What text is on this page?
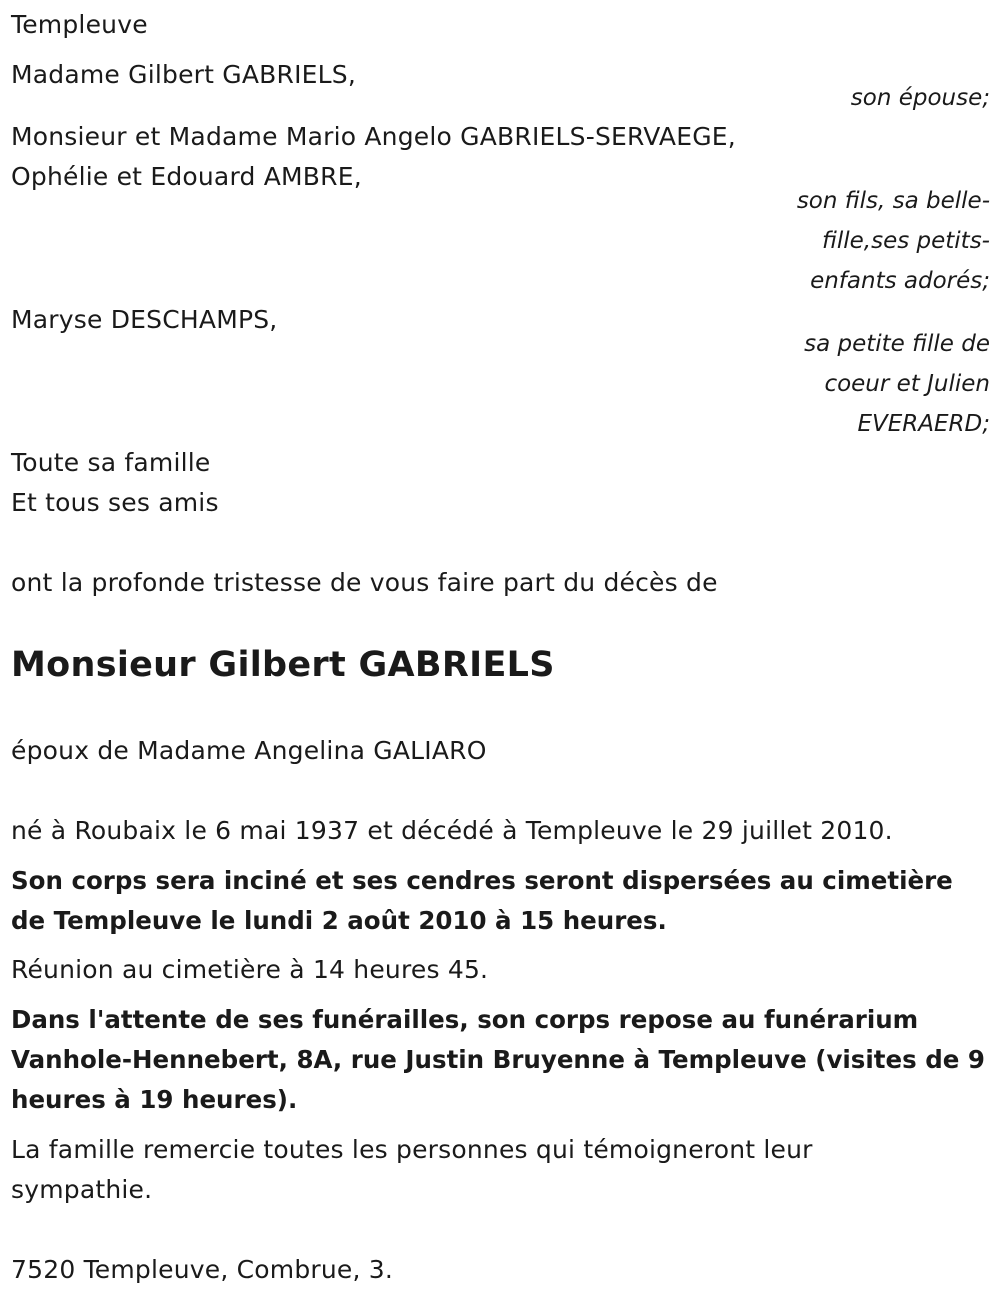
Templeuve
Madame Gilbert GABRIELS,
son épouse;
Monsieur et Madame Mario Angelo GABRIELS-SERVAEGE,
Ophélie et Edouard AMBRE,
son fils, sa belle-
fille,ses petits-
enfants adorés;
Maryse DESCHAMPS,
sa petite fille de
coeur et Julien
EVERAERD;
Toute sa famille
Et tous ses amis
ont la profonde tristesse de vous faire part du décès de
Monsieur Gilbert GABRIELS
époux de Madame Angelina GALIARO
né à Roubaix le 6 mai 1937 et décédé à Templeuve le 29 juillet 2010.
Son corps sera inciné et ses cendres seront dispersées au cimetière
de Templeuve le lundi 2 août 2010 à 15 heures.
Réunion au cimetière à 14 heures 45.
Dans l'attente de ses funérailles, son corps repose au funérarium
Vanhole-Hennebert, 8A, rue Justin Bruyenne à Templeuve (visites de 9
heures à 19 heures).
La famille remercie toutes les personnes qui témoigneront leur
sympathie.
7520 Templeuve, Combrue, 3.
